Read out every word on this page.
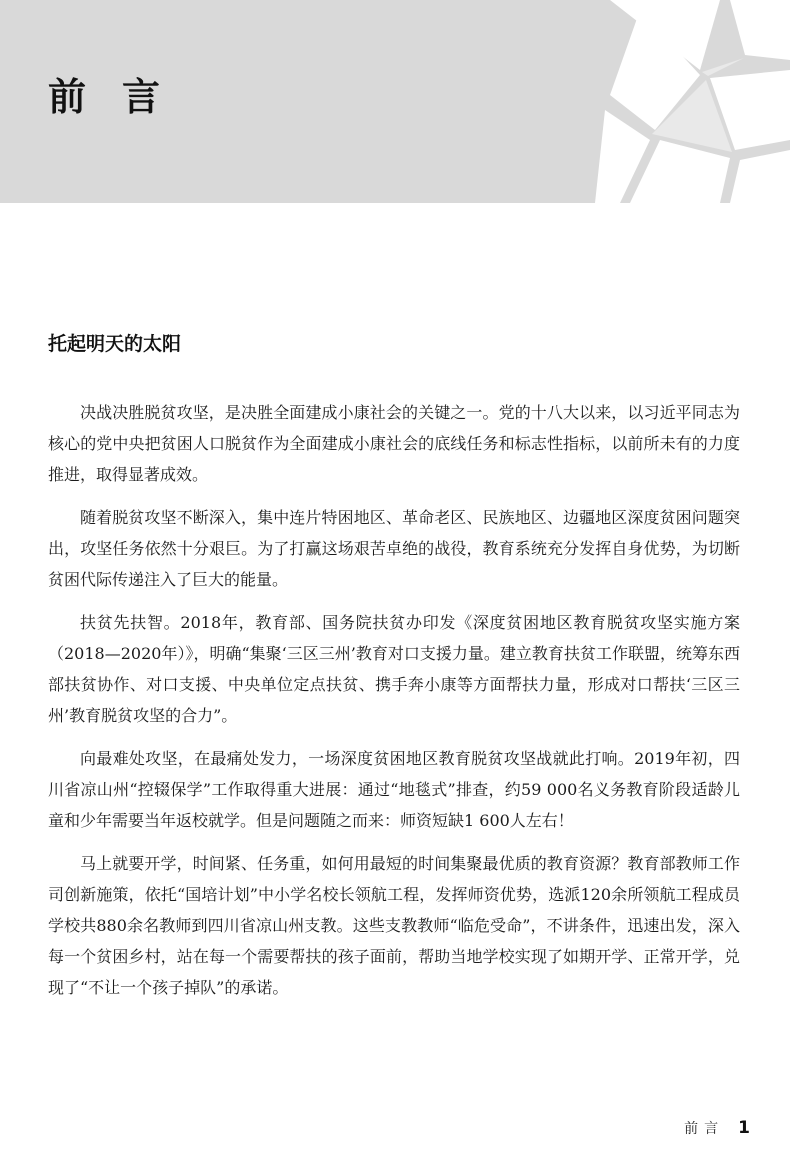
前言
托起明天的太阳

决战决胜脱贫攻坚，是决胜全面建成小康社会的关键之一。党的十八大以来，以习近平同志为核心的党中央把贫困人口脱贫作为全面建成小康社会的底线任务和标志性指标，以前所未有的力度推进，取得显著成效。

随着脱贫攻坚不断深入，集中连片特困地区、革命老区、民族地区、边疆地区深度贫困问题突出，攻坚任务依然十分艰巨。为了打赢这场艰苦卓绝的战役，教育系统充分发挥自身优势，为切断贫困代际传递注入了巨大的能量。

扶贫先扶智。2018年，教育部、国务院扶贫办印发《深度贫困地区教育脱贫攻坚实施方案（2018—2020年）》，明确“集聚‘三区三州’教育对口支援力量。建立教育扶贫工作联盟，统筹东西部扶贫协作、对口支援、中央单位定点扶贫、携手奔小康等方面帮扶力量，形成对口帮扶‘三区三州’教育脱贫攻坚的合力”。

向最难处攻坚，在最痛处发力，一场深度贫困地区教育脱贫攻坚战就此打响。2019年初，四川省凉山州“控辍保学”工作取得重大进展：通过“地毯式”排查，约59 000名义务教育阶段适龄儿童和少年需要当年返校就学。但是问题随之而来：师资短缺1 600人左右！

马上就要开学，时间紧、任务重，如何用最短的时间集聚最优质的教育资源？教育部教师工作司创新施策，依托“国培计划”中小学名校长领航工程，发挥师资优势，选派120余所领航工程成员学校共880余名教师到四川省凉山州支教。这些支教教师“临危受命”，不讲条件，迅速出发，深入每一个贫困乡村，站在每一个需要帮扶的孩子面前，帮助当地学校实现了如期开学、正常开学，兑现了“不让一个孩子掉队”的承诺。

前言 1
